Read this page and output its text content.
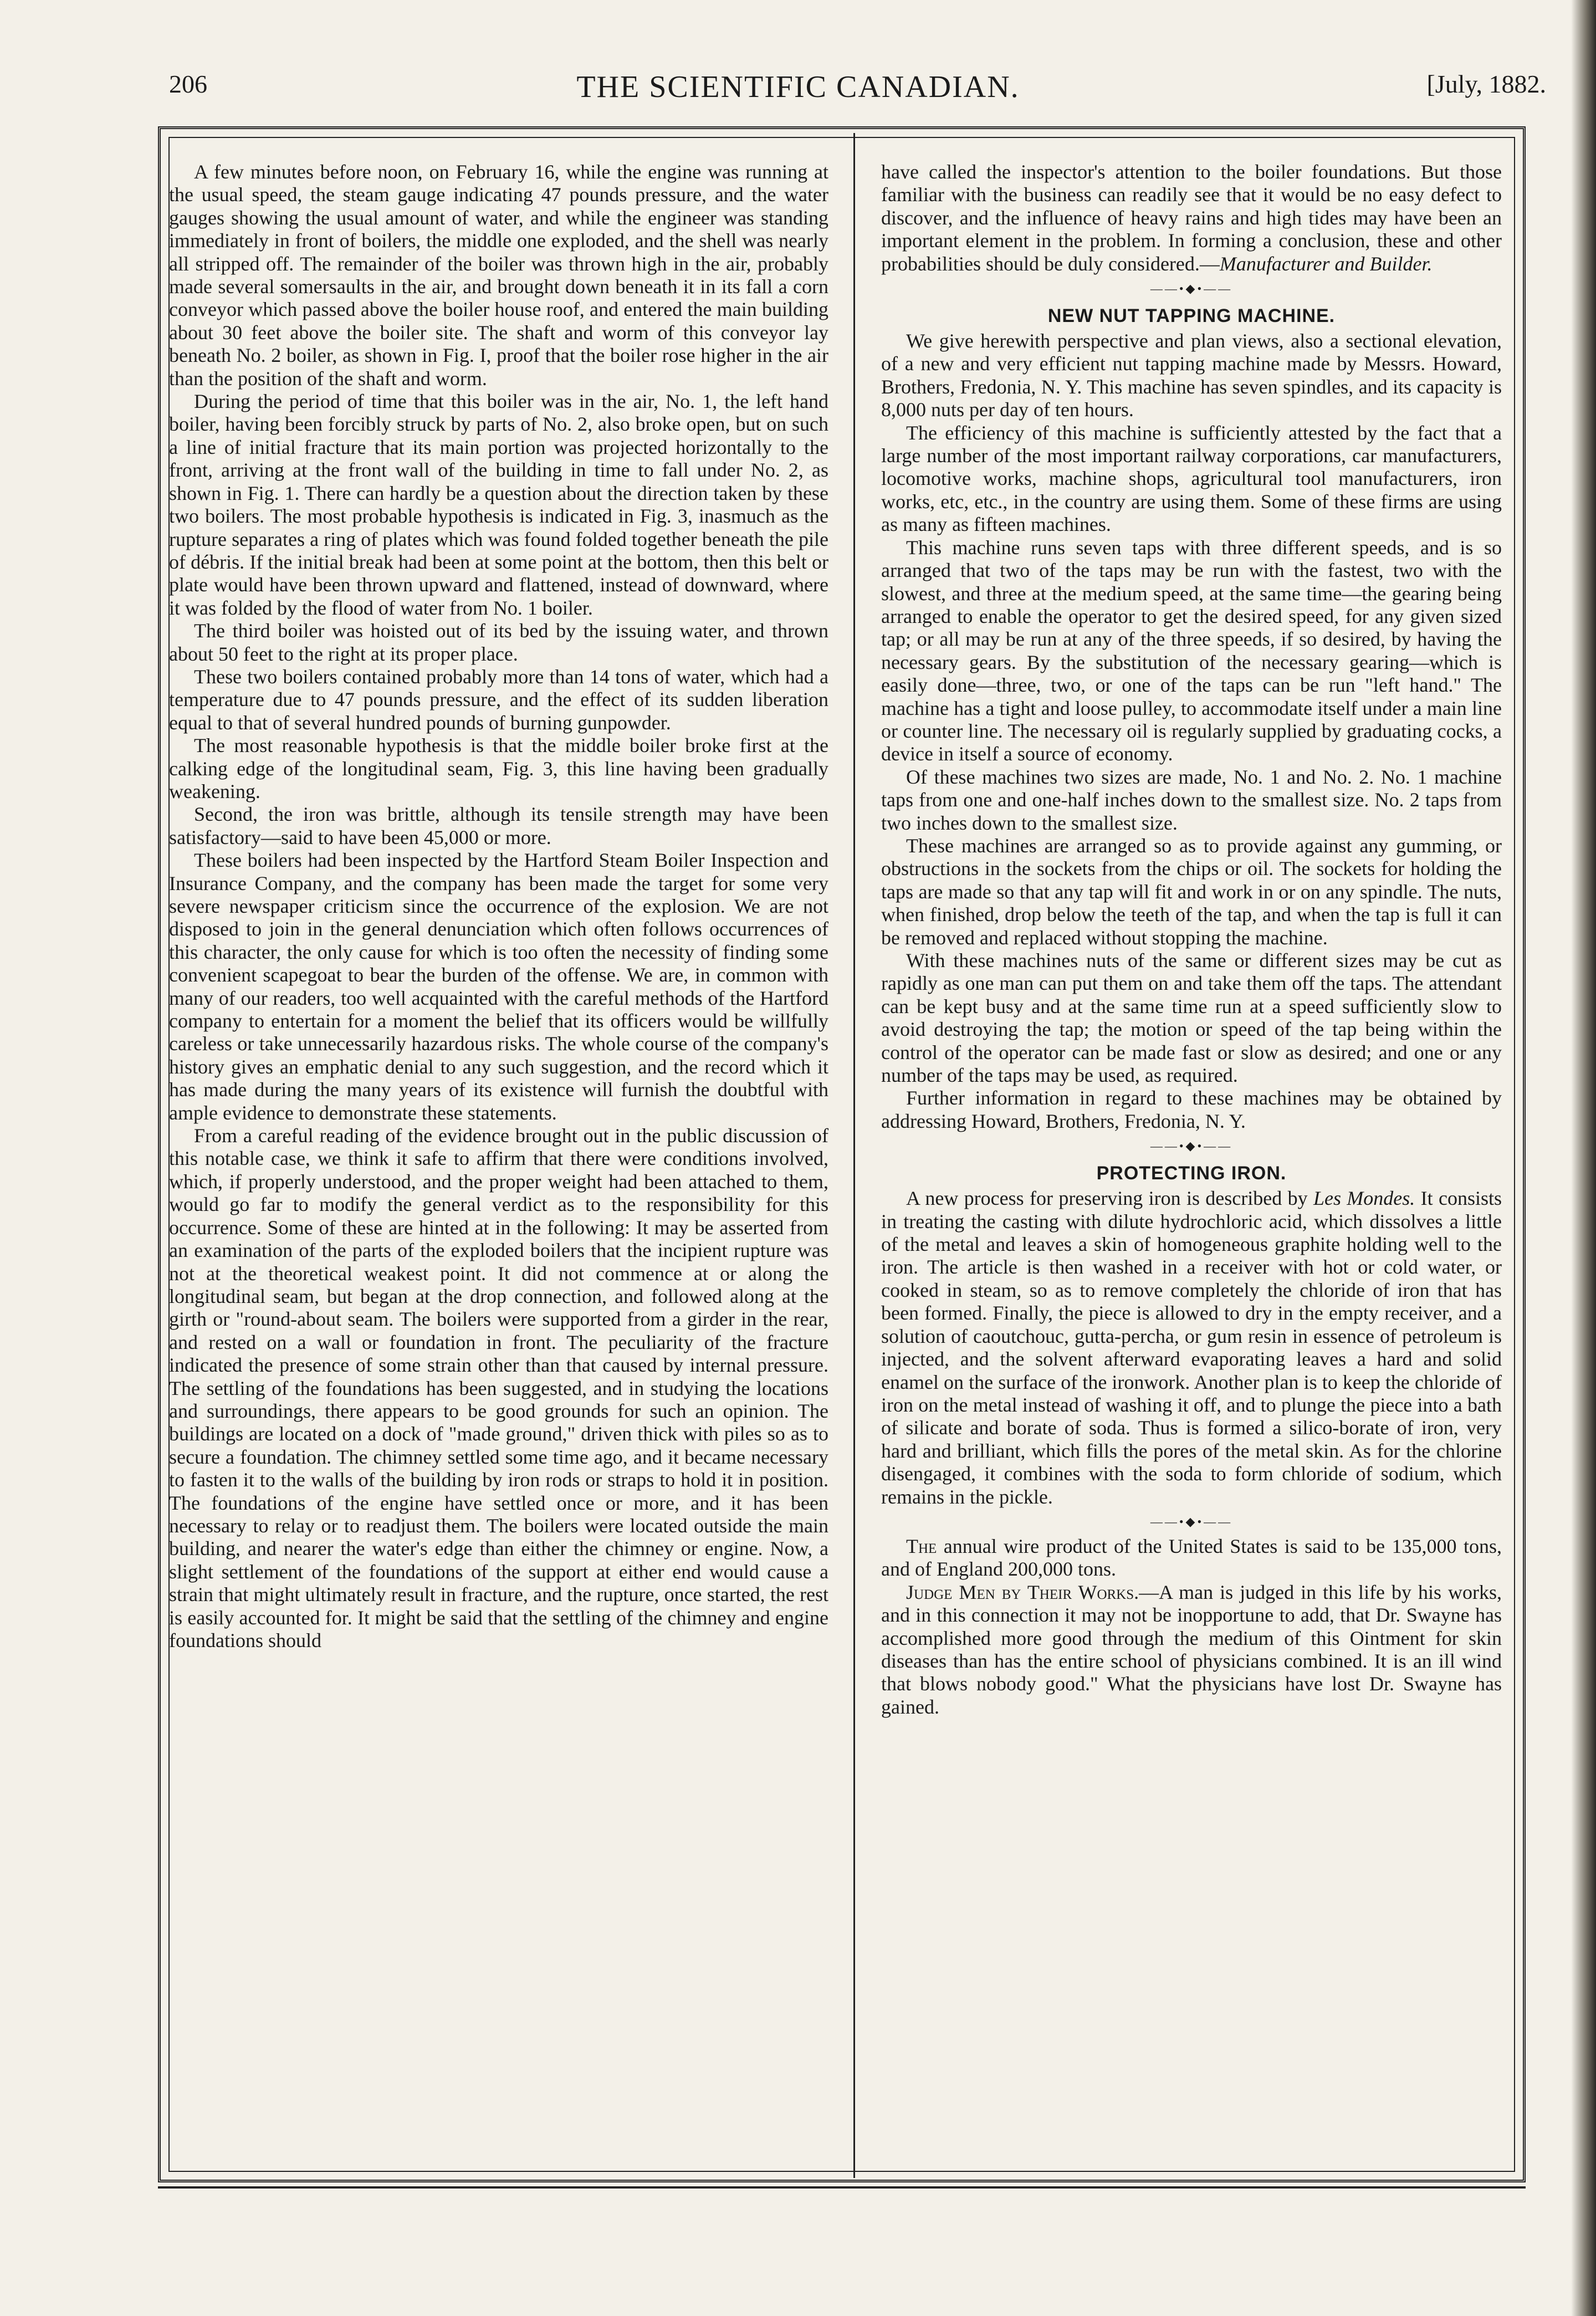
206	THE SCIENTIFIC CANADIAN.	[July, 1882.

A few minutes before noon, on February 16, while the engine was running at the usual speed, the steam gauge indicating 47 pounds pressure, and the water gauges showing the usual amount of water, and while the engineer was standing immediately in front of boilers, the middle one exploded, and the shell was nearly all stripped off. The remainder of the boiler was thrown high in the air, probably made several somersaults in the air, and brought down beneath it in its fall a corn conveyor which passed above the boiler house roof, and entered the main building about 30 feet above the boiler site. The shaft and worm of this conveyor lay beneath No. 2 boiler, as shown in Fig. I, proof that the boiler rose higher in the air than the position of the shaft and worm.

During the period of time that this boiler was in the air, No. 1, the left hand boiler, having been forcibly struck by parts of No. 2, also broke open, but on such a line of initial fracture that its main portion was projected horizontally to the front, arriving at the front wall of the building in time to fall under No. 2, as shown in Fig. 1. There can hardly be a question about the direction taken by these two boilers. The most probable hypothesis is indicated in Fig. 3, inasmuch as the rupture separates a ring of plates which was found folded together beneath the pile of débris. If the initial break had been at some point at the bottom, then this belt or plate would have been thrown upward and flattened, instead of downward, where it was folded by the flood of water from No. 1 boiler.

The third boiler was hoisted out of its bed by the issuing water, and thrown about 50 feet to the right at its proper place.

These two boilers contained probably more than 14 tons of water, which had a temperature due to 47 pounds pressure, and the effect of its sudden liberation equal to that of several hundred pounds of burning gunpowder.

The most reasonable hypothesis is that the middle boiler broke first at the calking edge of the longitudinal seam, Fig. 3, this line having been gradually weakening.

Second, the iron was brittle, although its tensile strength may have been satisfactory—said to have been 45,000 or more.

These boilers had been inspected by the Hartford Steam Boiler Inspection and Insurance Company, and the company has been made the target for some very severe newspaper criticism since the occurrence of the explosion. We are not disposed to join in the general denunciation which often follows occurrences of this character, the only cause for which is too often the necessity of finding some convenient scapegoat to bear the burden of the offense. We are, in common with many of our readers, too well acquainted with the careful methods of the Hartford company to entertain for a moment the belief that its officers would be willfully careless or take unnecessarily hazardous risks. The whole course of the company's history gives an emphatic denial to any such suggestion, and the record which it has made during the many years of its existence will furnish the doubtful with ample evidence to demonstrate these statements.

From a careful reading of the evidence brought out in the public discussion of this notable case, we think it safe to affirm that there were conditions involved, which, if properly understood, and the proper weight had been attached to them, would go far to modify the general verdict as to the responsibility for this occurrence. Some of these are hinted at in the following: It may be asserted from an examination of the parts of the exploded boilers that the incipient rupture was not at the theoretical weakest point. It did not commence at or along the longitudinal seam, but began at the drop connection, and followed along at the girth or "round-about seam. The boilers were supported from a girder in the rear, and rested on a wall or foundation in front. The peculiarity of the fracture indicated the presence of some strain other than that caused by internal pressure. The settling of the foundations has been suggested, and in studying the locations and surroundings, there appears to be good grounds for such an opinion. The buildings are located on a dock of "made ground," driven thick with piles so as to secure a foundation. The chimney settled some time ago, and it became necessary to fasten it to the walls of the building by iron rods or straps to hold it in position. The foundations of the engine have settled once or more, and it has been necessary to relay or to readjust them. The boilers were located outside the main building, and nearer the water's edge than either the chimney or engine. Now, a slight settlement of the foundations of the support at either end would cause a strain that might ultimately result in fracture, and the rupture, once started, the rest is easily accounted for. It might be said that the settling of the chimney and engine foundations should

have called the inspector's attention to the boiler foundations. But those familiar with the business can readily see that it would be no easy defect to discover, and the influence of heavy rains and high tides may have been an important element in the problem. In forming a conclusion, these and other probabilities should be duly considered.—Manufacturer and Builder.

——•◆•——
NEW NUT TAPPING MACHINE.

We give herewith perspective and plan views, also a sectional elevation, of a new and very efficient nut tapping machine made by Messrs. Howard, Brothers, Fredonia, N. Y. This machine has seven spindles, and its capacity is 8,000 nuts per day of ten hours.

The efficiency of this machine is sufficiently attested by the fact that a large number of the most important railway corporations, car manufacturers, locomotive works, machine shops, agricultural tool manufacturers, iron works, etc, etc., in the country are using them. Some of these firms are using as many as fifteen machines.

This machine runs seven taps with three different speeds, and is so arranged that two of the taps may be run with the fastest, two with the slowest, and three at the medium speed, at the same time—the gearing being arranged to enable the operator to get the desired speed, for any given sized tap; or all may be run at any of the three speeds, if so desired, by having the necessary gears. By the substitution of the necessary gearing—which is easily done—three, two, or one of the taps can be run "left hand." The machine has a tight and loose pulley, to accommodate itself under a main line or counter line. The necessary oil is regularly supplied by graduating cocks, a device in itself a source of economy.

Of these machines two sizes are made, No. 1 and No. 2. No. 1 machine taps from one and one-half inches down to the smallest size. No. 2 taps from two inches down to the smallest size.

These machines are arranged so as to provide against any gumming, or obstructions in the sockets from the chips or oil. The sockets for holding the taps are made so that any tap will fit and work in or on any spindle. The nuts, when finished, drop below the teeth of the tap, and when the tap is full it can be removed and replaced without stopping the machine.

With these machines nuts of the same or different sizes may be cut as rapidly as one man can put them on and take them off the taps. The attendant can be kept busy and at the same time run at a speed sufficiently slow to avoid destroying the tap; the motion or speed of the tap being within the control of the operator can be made fast or slow as desired; and one or any number of the taps may be used, as required.

Further information in regard to these machines may be obtained by addressing Howard, Brothers, Fredonia, N. Y.

——•◆•——
PROTECTING IRON.

A new process for preserving iron is described by Les Mondes. It consists in treating the casting with dilute hydrochloric acid, which dissolves a little of the metal and leaves a skin of homogeneous graphite holding well to the iron. The article is then washed in a receiver with hot or cold water, or cooked in steam, so as to remove completely the chloride of iron that has been formed. Finally, the piece is allowed to dry in the empty receiver, and a solution of caoutchouc, gutta-percha, or gum resin in essence of petroleum is injected, and the solvent afterward evaporating leaves a hard and solid enamel on the surface of the ironwork. Another plan is to keep the chloride of iron on the metal instead of washing it off, and to plunge the piece into a bath of silicate and borate of soda. Thus is formed a silico-borate of iron, very hard and brilliant, which fills the pores of the metal skin. As for the chlorine disengaged, it combines with the soda to form chloride of sodium, which remains in the pickle.

——•◆•——

The annual wire product of the United States is said to be 135,000 tons, and of England 200,000 tons.

Judge Men by Their Works.—A man is judged in this life by his works, and in this connection it may not be inopportune to add, that Dr. Swayne has accomplished more good through the medium of this Ointment for skin diseases than has the entire school of physicians combined. It is an ill wind that blows nobody good." What the physicians have lost Dr. Swayne has gained.
